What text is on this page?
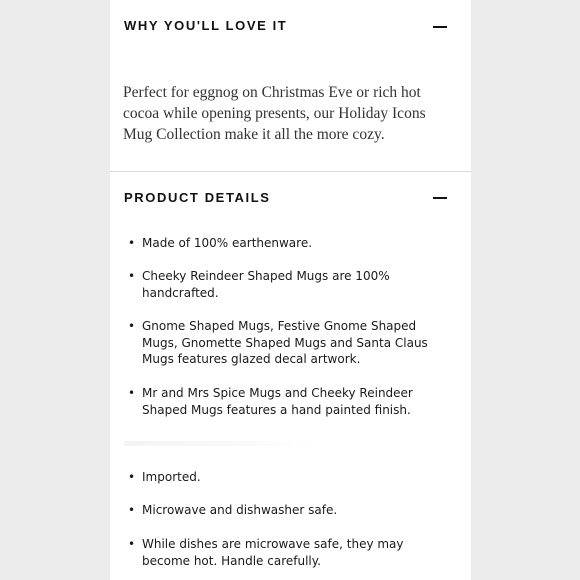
WHY YOU'LL LOVE IT

Perfect for eggnog on Christmas Eve or rich hot cocoa while opening presents, our Holiday Icons Mug Collection make it all the more cozy.

PRODUCT DETAILS
• Made of 100% earthenware.
• Cheeky Reindeer Shaped Mugs are 100% handcrafted.
• Gnome Shaped Mugs, Festive Gnome Shaped Mugs, Gnomette Shaped Mugs and Santa Claus Mugs features glazed decal artwork.
• Mr and Mrs Spice Mugs and Cheeky Reindeer Shaped Mugs features a hand painted finish.
• Imported.
• Microwave and dishwasher safe.
• While dishes are microwave safe, they may become hot. Handle carefully.
